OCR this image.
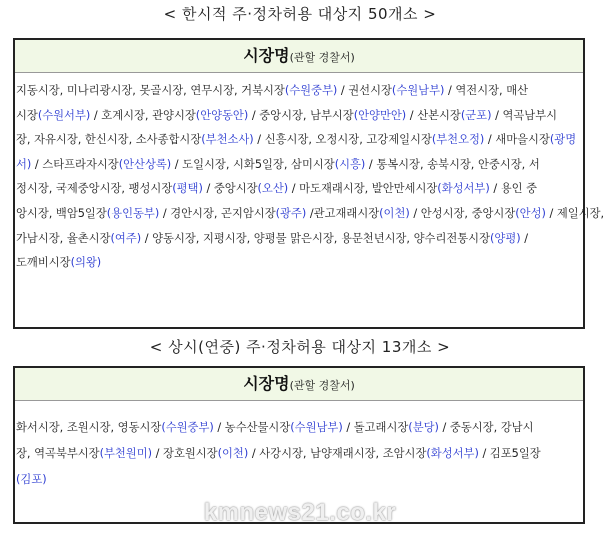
< 한시적 주·정차허용 대상지 50개소 >
시장명(관할 경찰서)
지동시장, 미나리광시장, 못골시장, 연무시장, 거북시장(수원중부) / 권선시장(수원남부) / 역전시장, 매산
시장(수원서부) / 호계시장, 관양시장(안양동안) / 중앙시장, 남부시장(안양만안) / 산본시장(군포) / 역곡남부시
장, 자유시장, 한신시장, 소사종합시장(부천소사) / 신흥시장, 오정시장, 고강제일시장(부천오정) / 새마을시장(광명
서) / 스타프라자시장(안산상록) / 도일시장, 시화5일장, 삼미시장(시흥) / 통복시장, 송북시장, 안중시장, 서
정시장, 국제중앙시장, 팽성시장(평택) / 중앙시장(오산) / 마도재래시장, 발안만세시장(화성서부) / 용인 중
앙시장, 백암5일장(용인동부) / 경안시장, 곤지암시장(광주) /관고재래시장(이천) / 안성시장, 중앙시장(안성) / 제일시장,
가남시장, 율촌시장(여주) / 양동시장, 지평시장, 양평물 맑은시장, 용문천년시장, 양수리전통시장(양평) /
도깨비시장(의왕)
< 상시(연중) 주·정차허용 대상지 13개소 >
시장명(관할 경찰서)
화서시장, 조원시장, 영동시장(수원중부) / 농수산물시장(수원남부) / 돌고래시장(분당) / 중동시장, 강남시
장, 역곡북부시장(부천원미) / 장호원시장(이천) / 사강시장, 남양재래시장, 조암시장(화성서부) / 김포5일장
(김포)
kmnews21.co.kr
